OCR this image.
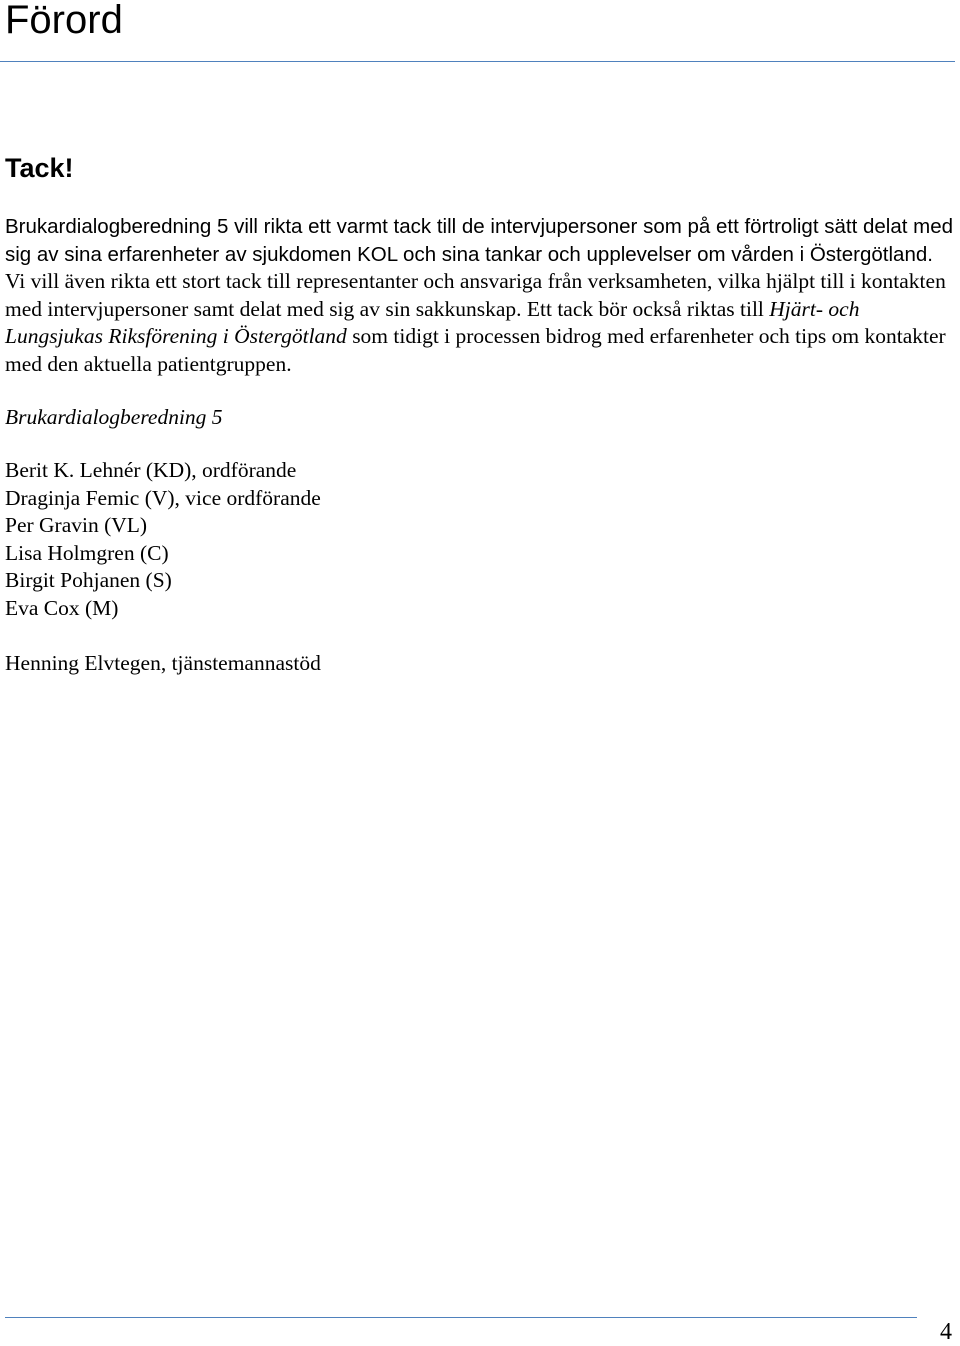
Förord
Tack!

Brukardialogberedning 5 vill rikta ett varmt tack till de intervjupersoner som på ett förtroligt sätt delat med sig av sina erfarenheter av sjukdomen KOL och sina tankar och upplevelser om vården i Östergötland. Vi vill även rikta ett stort tack till representanter och ansvariga från verksamheten, vilka hjälpt till i kontakten med intervjupersoner samt delat med sig av sin sakkunskap. Ett tack bör också riktas till Hjärt- och Lungsjukas Riksförening i Östergötland som tidigt i processen bidrog med erfarenheter och tips om kontakter med den aktuella patientgruppen.

Brukardialogberedning 5

Berit K. Lehnér (KD), ordförande
Draginja Femic (V), vice ordförande
Per Gravin (VL)
Lisa Holmgren (C)
Birgit Pohjanen (S)
Eva Cox (M)

Henning Elvtegen, tjänstemannastöd

4
